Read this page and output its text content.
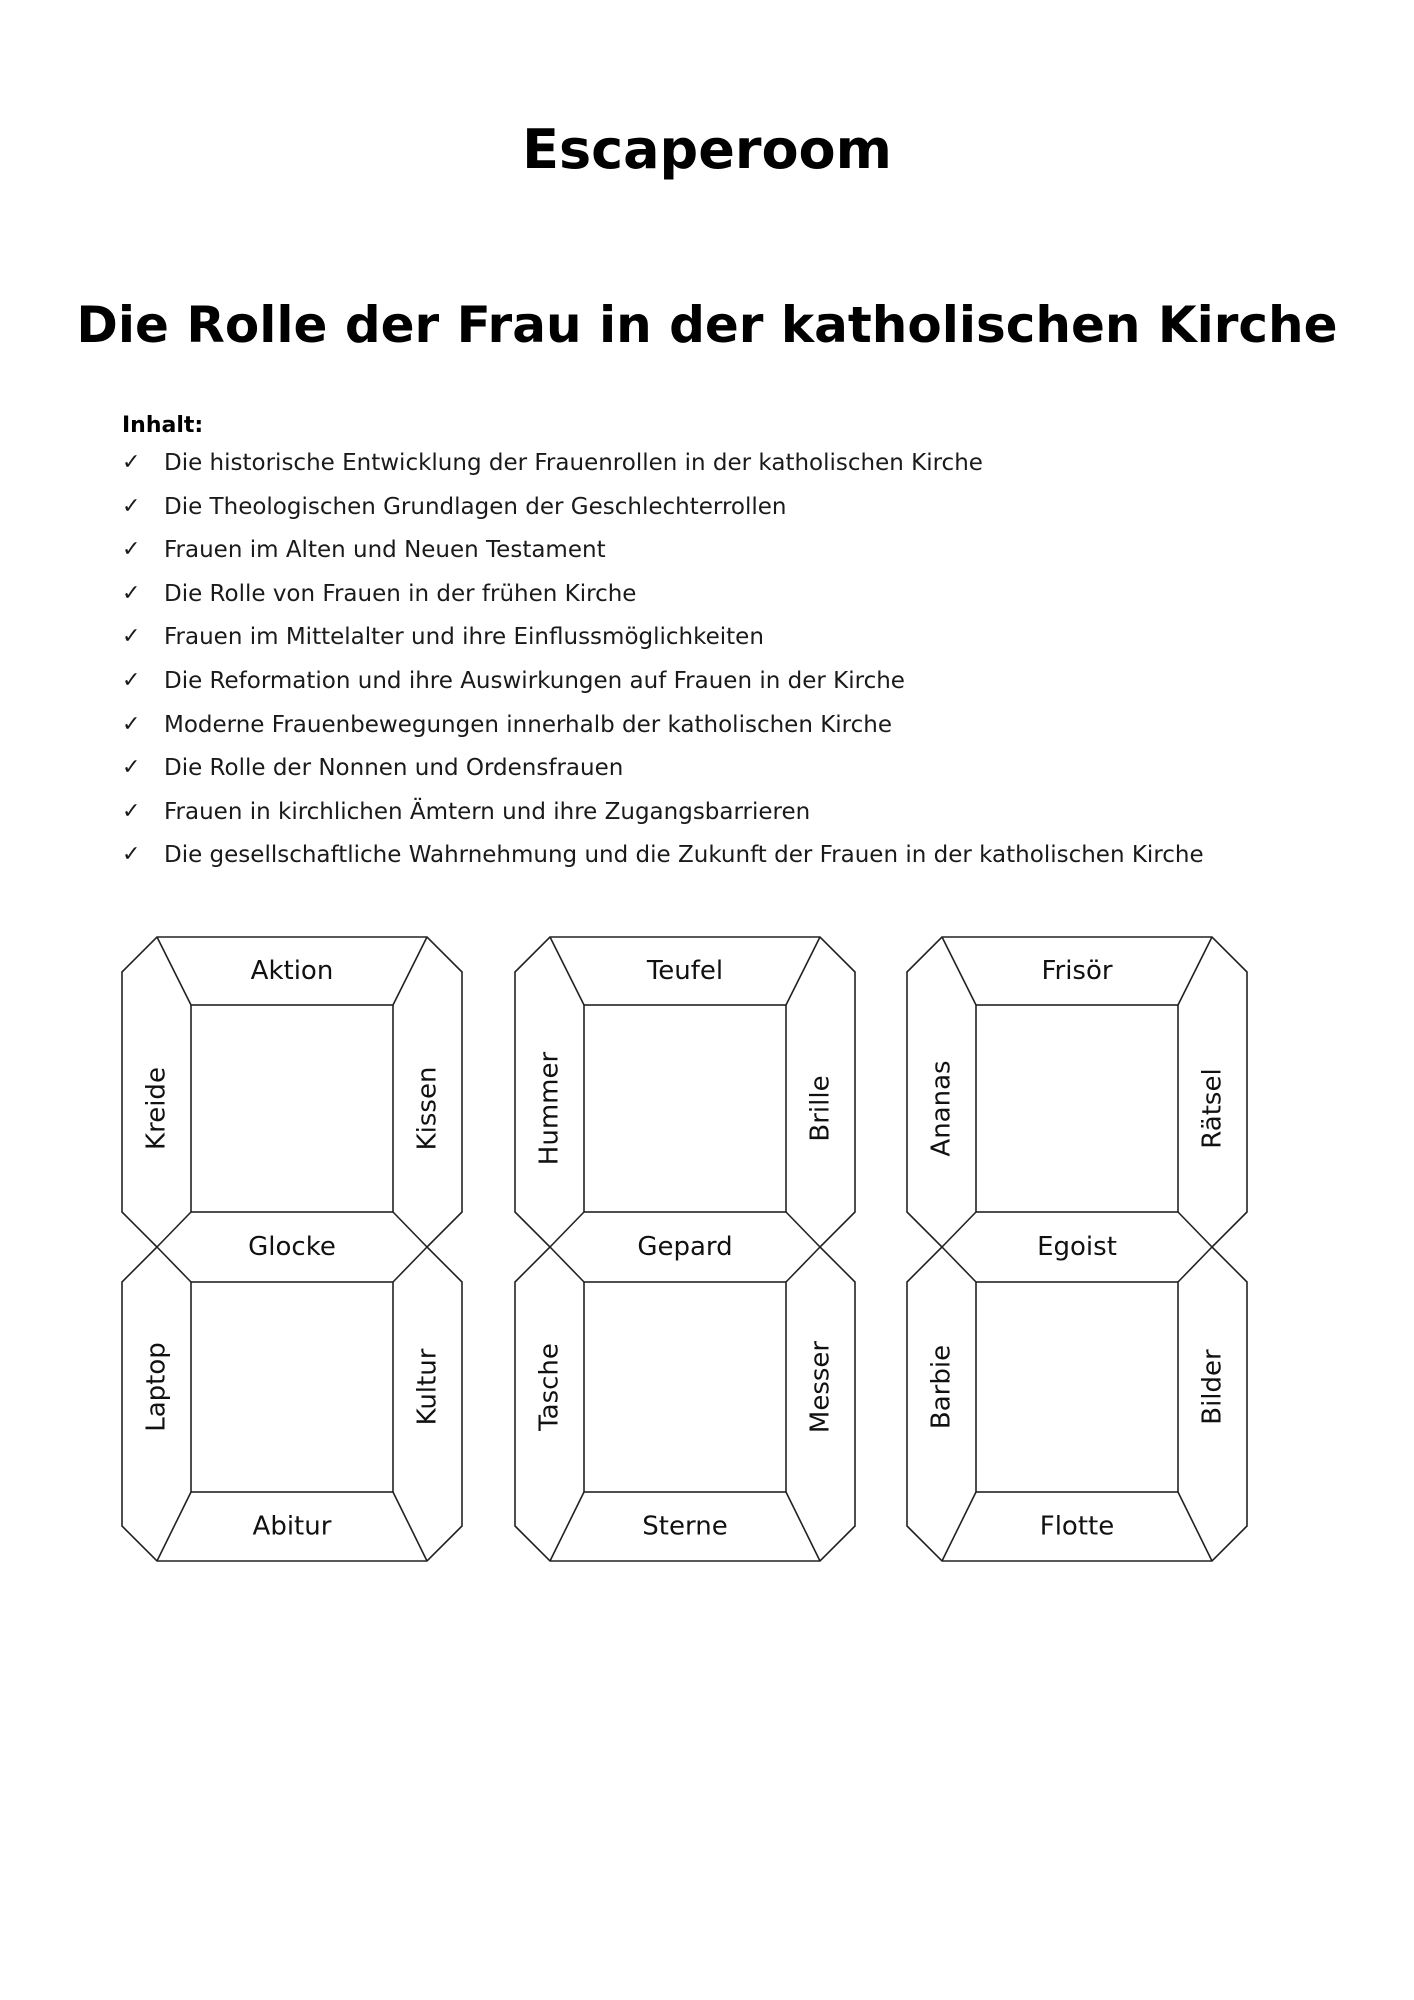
Escaperoom
Die Rolle der Frau in der katholischen Kirche
Inhalt:
✓	Die historische Entwicklung der Frauenrollen in der katholischen Kirche
✓	Die Theologischen Grundlagen der Geschlechterrollen
✓	Frauen im Alten und Neuen Testament
✓	Die Rolle von Frauen in der frühen Kirche
✓	Frauen im Mittelalter und ihre Einflussmöglichkeiten
✓	Die Reformation und ihre Auswirkungen auf Frauen in der Kirche
✓	Moderne Frauenbewegungen innerhalb der katholischen Kirche
✓	Die Rolle der Nonnen und Ordensfrauen
✓	Frauen in kirchlichen Ämtern und ihre Zugangsbarrieren
✓	Die gesellschaftliche Wahrnehmung und die Zukunft der Frauen in der katholischen Kirche
Aktion
Kreide	Kissen
Glocke
Laptop	Kultur
Abitur
Teufel
Hummer	Brille
Gepard
Tasche	Messer
Sterne
Frisör
Ananas	Rätsel
Egoist
Barbie	Bilder
Flotte
